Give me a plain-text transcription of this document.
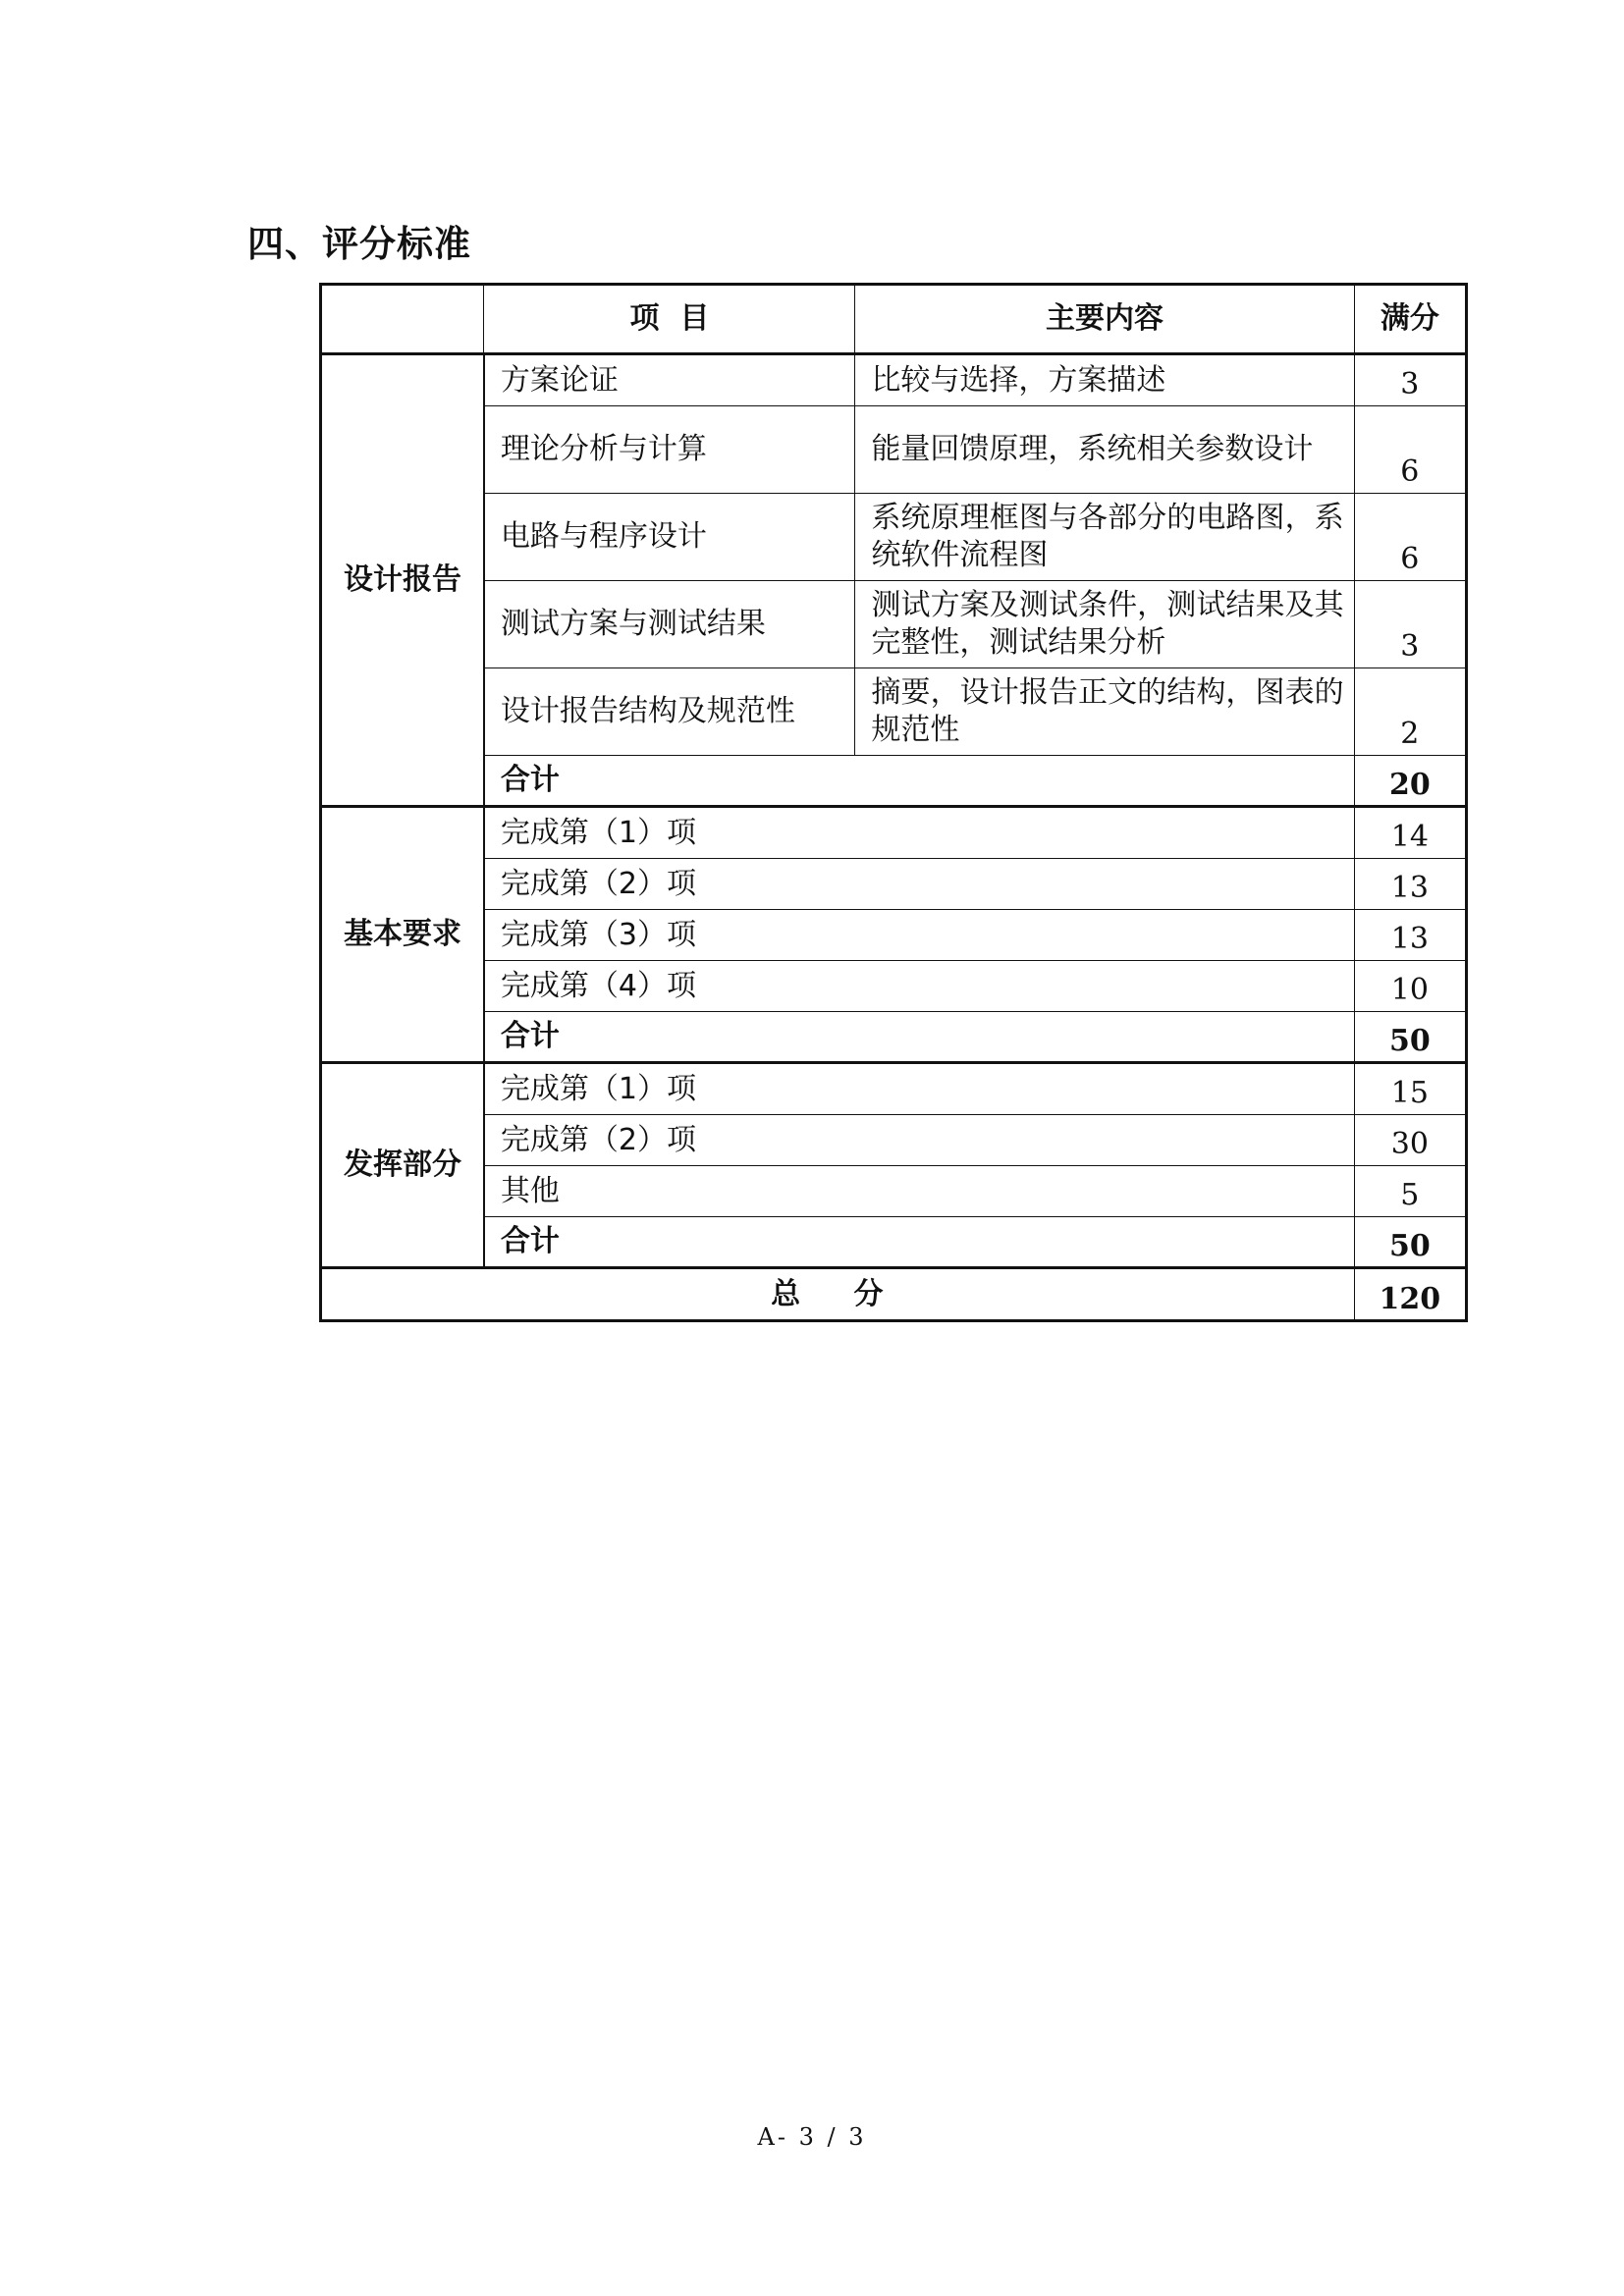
四、评分标准
	项  目	主要内容	满分
设计报告	方案论证	比较与选择，方案描述	3
	理论分析与计算	能量回馈原理，系统相关参数设计	6
	电路与程序设计	系统原理框图与各部分的电路图，系统软件流程图	6
	测试方案与测试结果	测试方案及测试条件，测试结果及其完整性，测试结果分析	3
	设计报告结构及规范性	摘要，设计报告正文的结构，图表的规范性	2
	合计		20
基本要求	完成第（1）项		14
	完成第（2）项		13
	完成第（3）项		13
	完成第（4）项		10
	合计		50
发挥部分	完成第（1）项		15
	完成第（2）项		30
	其他		5
	合计		50
总 分			120
A- 3 / 3
